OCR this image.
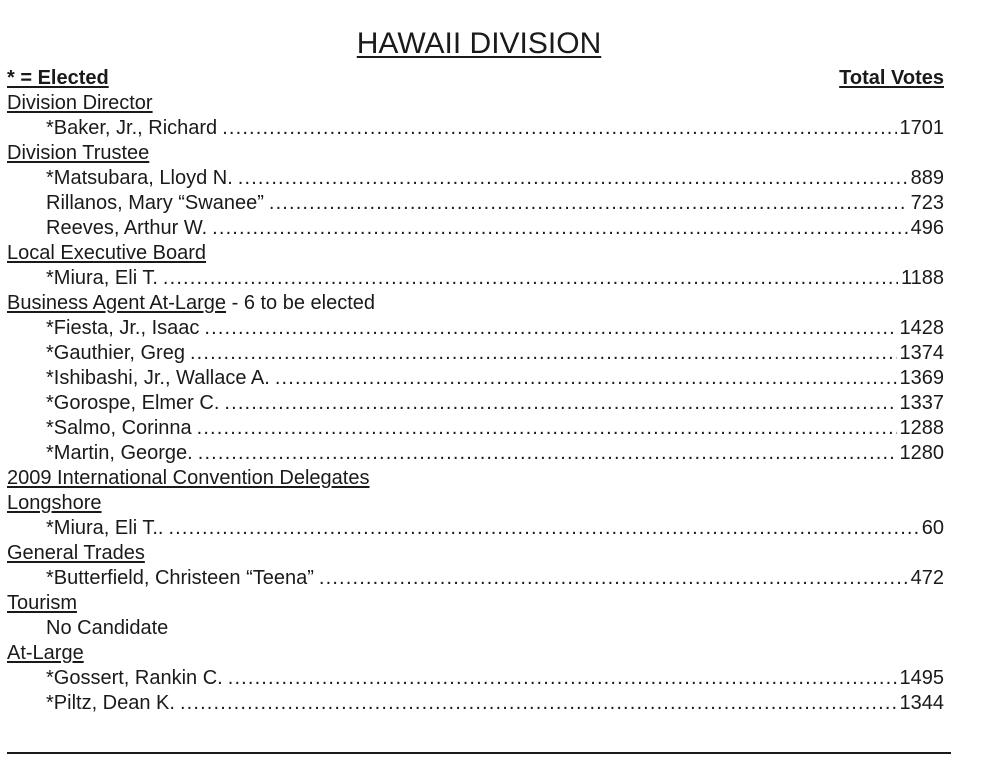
HAWAII DIVISION
* = Elected	Total Votes
Division Director
*Baker, Jr., Richard . . .	1701
Division Trustee
*Matsubara, Lloyd N. . . .	889
Rillanos, Mary “Swanee” . . .	723
Reeves, Arthur W. . . .	496
Local Executive Board
*Miura, Eli T. . . .	1188
Business Agent At-Large - 6 to be elected
*Fiesta, Jr., Isaac . . .	1428
*Gauthier, Greg . . .	1374
*Ishibashi, Jr., Wallace A. . . .	1369
*Gorospe, Elmer C. . . .	1337
*Salmo, Corinna . . .	1288
*Martin, George. . . .	1280
2009 International Convention Delegates
Longshore
*Miura, Eli T.. . . .	60
General Trades
*Butterfield, Christeen “Teena” . . .	472
Tourism
No Candidate
At-Large
*Gossert, Rankin C. . . .	1495
*Piltz, Dean K. . . .	1344
